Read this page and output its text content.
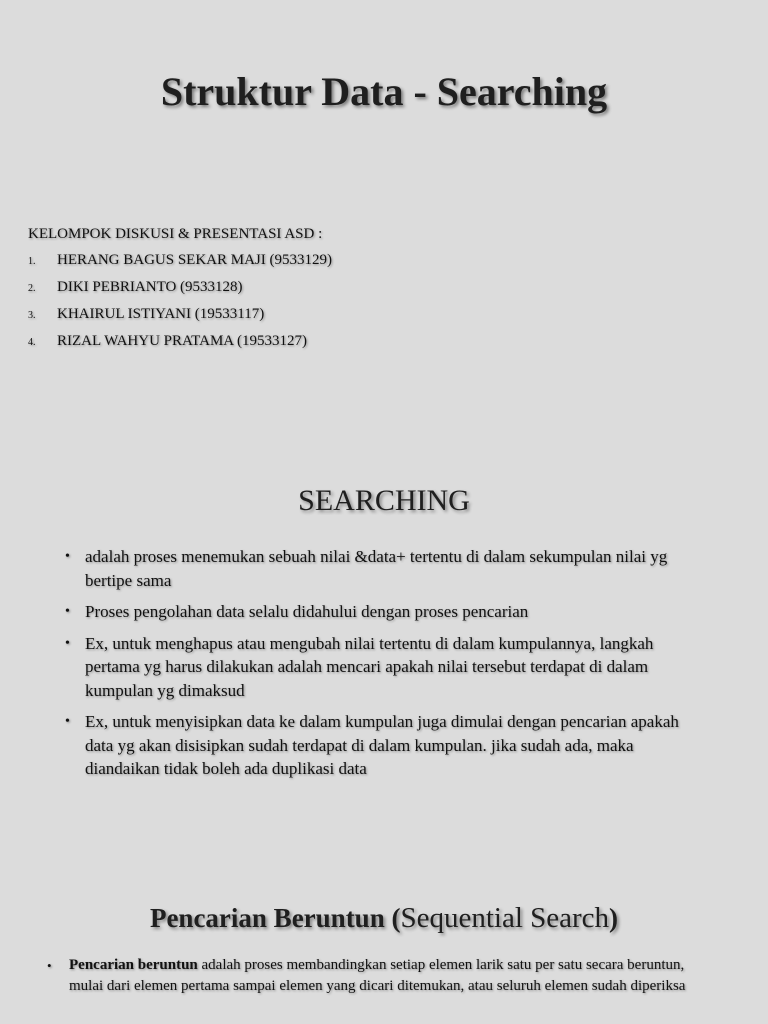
Struktur Data - Searching

KELOMPOK DISKUSI & PRESENTASI ASD :

1.	HERANG BAGUS SEKAR MAJI (9533129)
2.	DIKI PEBRIANTO (9533128)
3.	KHAIRUL ISTIYANI (19533117)
4.	RIZAL WAHYU PRATAMA (19533127)
SEARCHING
• adalah proses menemukan sebuah nilai &data+ tertentu di dalam sekumpulan nilai yg bertipe sama
• Proses pengolahan data selalu didahului dengan proses pencarian
• Ex, untuk menghapus atau mengubah nilai tertentu di dalam kumpulannya, langkah pertama yg harus dilakukan adalah mencari apakah nilai tersebut terdapat di dalam kumpulan yg dimaksud
• Ex, untuk menyisipkan data ke dalam kumpulan juga dimulai dengan pencarian apakah data yg akan disisipkan sudah terdapat di dalam kumpulan. jika sudah ada, maka diandaikan tidak boleh ada duplikasi data
Pencarian Beruntun (Sequential Search)
• Pencarian beruntun adalah proses membandingkan setiap elemen larik satu per satu secara beruntun, mulai dari elemen pertama sampai elemen yang dicari ditemukan, atau seluruh elemen sudah diperiksa
